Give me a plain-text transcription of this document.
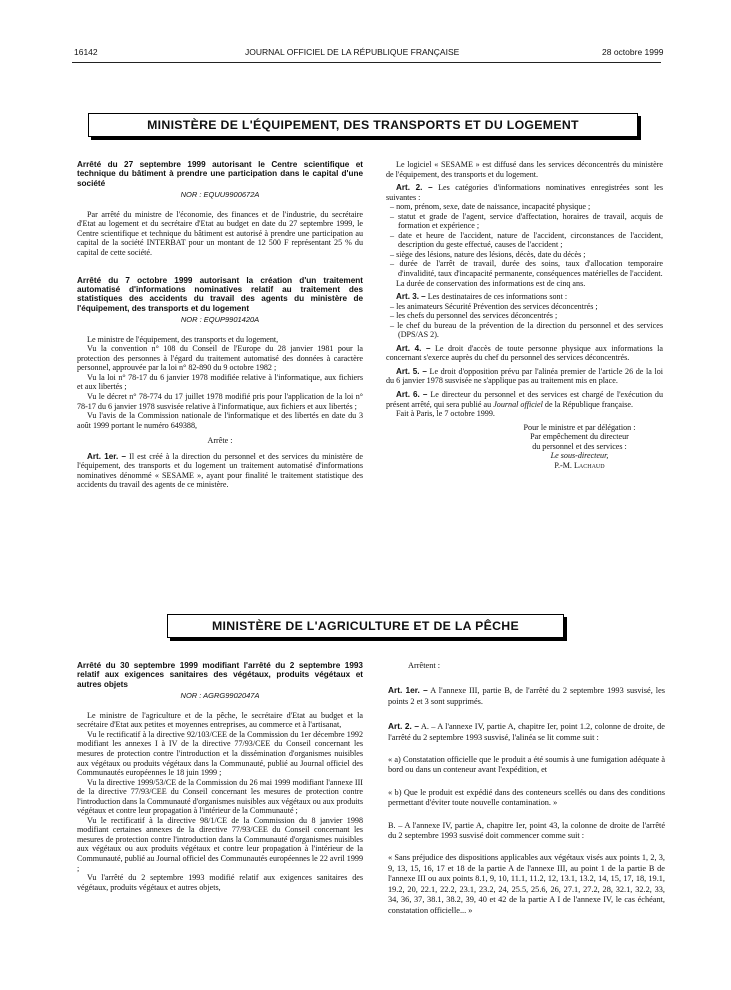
16142	JOURNAL OFFICIEL DE LA RÉPUBLIQUE FRANÇAISE	28 octobre 1999
MINISTÈRE DE L'ÉQUIPEMENT, DES TRANSPORTS ET DU LOGEMENT

Arrêté du 27 septembre 1999 autorisant le Centre scientifique et technique du bâtiment à prendre une participation dans le capital d'une société

NOR : EQUU9900672A

Par arrêté du ministre de l'économie, des finances et de l'industrie, du secrétaire d'Etat au logement et du secrétaire d'Etat au budget en date du 27 septembre 1999, le Centre scientifique et technique du bâtiment est autorisé à prendre une participation au capital de la société INTERBAT pour un montant de 12 500 F représentant 25 % du capital de cette société.

Arrêté du 7 octobre 1999 autorisant la création d'un traitement automatisé d'informations nominatives relatif au traitement des statistiques des accidents du travail des agents du ministère de l'équipement, des transports et du logement

NOR : EQUP9901420A

Le ministre de l'équipement, des transports et du logement,

Vu la convention n° 108 du Conseil de l'Europe du 28 janvier 1981 pour la protection des personnes à l'égard du traitement automatisé des données à caractère personnel, approuvée par la loi n° 82-890 du 9 octobre 1982 ;

Vu la loi n° 78-17 du 6 janvier 1978 modifiée relative à l'informatique, aux fichiers et aux libertés ;

Vu le décret n° 78-774 du 17 juillet 1978 modifié pris pour l'application de la loi n° 78-17 du 6 janvier 1978 susvisée relative à l'informatique, aux fichiers et aux libertés ;

Vu l'avis de la Commission nationale de l'informatique et des libertés en date du 3 août 1999 portant le numéro 649388,

Arrête :

Art. 1er. – Il est créé à la direction du personnel et des services du ministère de l'équipement, des transports et du logement un traitement automatisé d'informations nominatives dénommé « SESAME », ayant pour finalité le traitement statistique des accidents du travail des agents de ce ministère.

Le logiciel « SESAME » est diffusé dans les services déconcentrés du ministère de l'équipement, des transports et du logement.

Art. 2. – Les catégories d'informations nominatives enregistrées sont les suivantes :

– nom, prénom, sexe, date de naissance, incapacité physique ;

– statut et grade de l'agent, service d'affectation, horaires de travail, acquis de formation et expérience ;

– date et heure de l'accident, nature de l'accident, circonstances de l'accident, description du geste effectué, causes de l'accident ;

– siège des lésions, nature des lésions, décès, date du décès ;

– durée de l'arrêt de travail, durée des soins, taux d'allocation temporaire d'invalidité, taux d'incapacité permanente, conséquences matérielles de l'accident.

La durée de conservation des informations est de cinq ans.

Art. 3. – Les destinataires de ces informations sont :

– les animateurs Sécurité Prévention des services déconcentrés ;

– les chefs du personnel des services déconcentrés ;

– le chef du bureau de la prévention de la direction du personnel et des services (DPS/AS 2).

Art. 4. – Le droit d'accès de toute personne physique aux informations la concernant s'exerce auprès du chef du personnel des services déconcentrés.

Art. 5. – Le droit d'opposition prévu par l'alinéa premier de l'article 26 de la loi du 6 janvier 1978 susvisée ne s'applique pas au traitement mis en place.

Art. 6. – Le directeur du personnel et des services est chargé de l'exécution du présent arrêté, qui sera publié au Journal officiel de la République française.

Fait à Paris, le 7 octobre 1999.

Pour le ministre et par délégation :

Par empêchement du directeur

du personnel et des services :

Le sous-directeur,

P.-M. Lachaud

MINISTÈRE DE L'AGRICULTURE ET DE LA PÊCHE

Arrêté du 30 septembre 1999 modifiant l'arrêté du 2 septembre 1993 relatif aux exigences sanitaires des végétaux, produits végétaux et autres objets

NOR : AGRG9902047A

Le ministre de l'agriculture et de la pêche, le secrétaire d'Etat au budget et la secrétaire d'Etat aux petites et moyennes entreprises, au commerce et à l'artisanat,

Vu le rectificatif à la directive 92/103/CEE de la Commission du 1er décembre 1992 modifiant les annexes I à IV de la directive 77/93/CEE du Conseil concernant les mesures de protection contre l'introduction et la dissémination d'organismes nuisibles aux végétaux ou produits végétaux dans la Communauté, publié au Journal officiel des Communautés européennes le 18 juin 1999 ;

Vu la directive 1999/53/CE de la Commission du 26 mai 1999 modifiant l'annexe III de la directive 77/93/CEE du Conseil concernant les mesures de protection contre l'introduction dans la Communauté d'organismes nuisibles aux végétaux ou aux produits végétaux et contre leur propagation à l'intérieur de la Communauté ;

Vu le rectificatif à la directive 98/1/CE de la Commission du 8 janvier 1998 modifiant certaines annexes de la directive 77/93/CEE du Conseil concernant les mesures de protection contre l'introduction dans la Communauté d'organismes nuisibles aux végétaux ou aux produits végétaux et contre leur propagation à l'intérieur de la Communauté, publié au Journal officiel des Communautés européennes le 22 avril 1999 ;

Vu l'arrêté du 2 septembre 1993 modifié relatif aux exigences sanitaires des végétaux, produits végétaux et autres objets,

Arrêtent :

Art. 1er. – A l'annexe III, partie B, de l'arrêté du 2 septembre 1993 susvisé, les points 2 et 3 sont supprimés.

Art. 2. – A. – A l'annexe IV, partie A, chapitre Ier, point 1.2, colonne de droite, de l'arrêté du 2 septembre 1993 susvisé, l'alinéa se lit comme suit :

« a) Constatation officielle que le produit a été soumis à une fumigation adéquate à bord ou dans un conteneur avant l'expédition, et

« b) Que le produit est expédié dans des conteneurs scellés ou dans des conditions permettant d'éviter toute nouvelle contamination. »

B. – A l'annexe IV, partie A, chapitre Ier, point 43, la colonne de droite de l'arrêté du 2 septembre 1993 susvisé doit commencer comme suit :

« Sans préjudice des dispositions applicables aux végétaux visés aux points 1, 2, 3, 9, 13, 15, 16, 17 et 18 de la partie A de l'annexe III, au point 1 de la partie B de l'annexe III ou aux points 8.1, 9, 10, 11.1, 11.2, 12, 13.1, 13.2, 14, 15, 17, 18, 19.1, 19.2, 20, 22.1, 22.2, 23.1, 23.2, 24, 25.5, 25.6, 26, 27.1, 27.2, 28, 32.1, 32.2, 33, 34, 36, 37, 38.1, 38.2, 39, 40 et 42 de la partie A I de l'annexe IV, le cas échéant, constatation officielle... »
